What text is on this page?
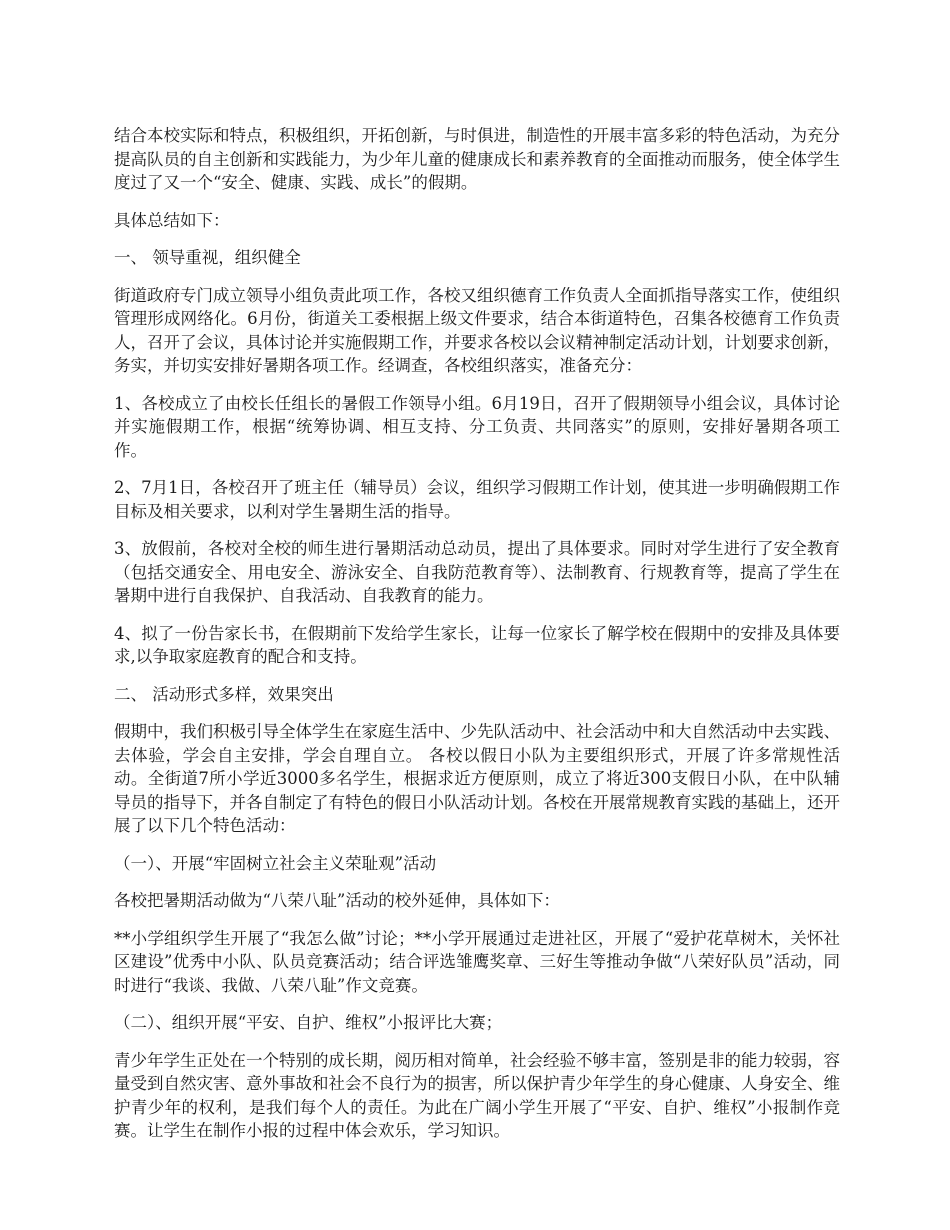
结合本校实际和特点，积极组织，开拓创新，与时俱进，制造性的开展丰富多彩的特色活动，为充分提高队员的自主创新和实践能力，为少年儿童的健康成长和素养教育的全面推动而服务，使全体学生度过了又一个“安全、健康、实践、成长”的假期。

具体总结如下：

一、 领导重视，组织健全

街道政府专门成立领导小组负责此项工作，各校又组织德育工作负责人全面抓指导落实工作，使组织管理形成网络化。6月份，街道关工委根据上级文件要求，结合本街道特色，召集各校德育工作负责人，召开了会议，具体讨论并实施假期工作，并要求各校以会议精神制定活动计划，计划要求创新，务实，并切实安排好暑期各项工作。经调查，各校组织落实，准备充分：

1、各校成立了由校长任组长的暑假工作领导小组。6月19日，召开了假期领导小组会议，具体讨论并实施假期工作，根据“统筹协调、相互支持、分工负责、共同落实”的原则，安排好暑期各项工作。

2、7月1日，各校召开了班主任（辅导员）会议，组织学习假期工作计划，使其进一步明确假期工作目标及相关要求，以利对学生暑期生活的指导。

3、放假前，各校对全校的师生进行暑期活动总动员，提出了具体要求。同时对学生进行了安全教育（包括交通安全、用电安全、游泳安全、自我防范教育等）、法制教育、行规教育等，提高了学生在暑期中进行自我保护、自我活动、自我教育的能力。

4、拟了一份告家长书，在假期前下发给学生家长，让每一位家长了解学校在假期中的安排及具体要求,以争取家庭教育的配合和支持。

二、 活动形式多样，效果突出

假期中，我们积极引导全体学生在家庭生活中、少先队活动中、社会活动中和大自然活动中去实践、去体验，学会自主安排，学会自理自立。 各校以假日小队为主要组织形式，开展了许多常规性活动。全街道7所小学近3000多名学生，根据求近方便原则，成立了将近300支假日小队，在中队辅导员的指导下，并各自制定了有特色的假日小队活动计划。各校在开展常规教育实践的基础上，还开展了以下几个特色活动：

（一）、开展“牢固树立社会主义荣耻观”活动

各校把暑期活动做为“八荣八耻”活动的校外延伸，具体如下：

**小学组织学生开展了“我怎么做”讨论；**小学开展通过走进社区，开展了“爱护花草树木，关怀社区建设”优秀中小队、队员竞赛活动；结合评选雏鹰奖章、三好生等推动争做“八荣好队员”活动，同时进行“我谈、我做、八荣八耻”作文竞赛。

（二）、组织开展“平安、自护、维权”小报评比大赛；

青少年学生正处在一个特别的成长期，阅历相对简单，社会经验不够丰富，签别是非的能力较弱，容量受到自然灾害、意外事故和社会不良行为的损害，所以保护青少年学生的身心健康、人身安全、维护青少年的权利，是我们每个人的责任。为此在广阔小学生开展了“平安、自护、维权”小报制作竞赛。让学生在制作小报的过程中体会欢乐，学习知识。
